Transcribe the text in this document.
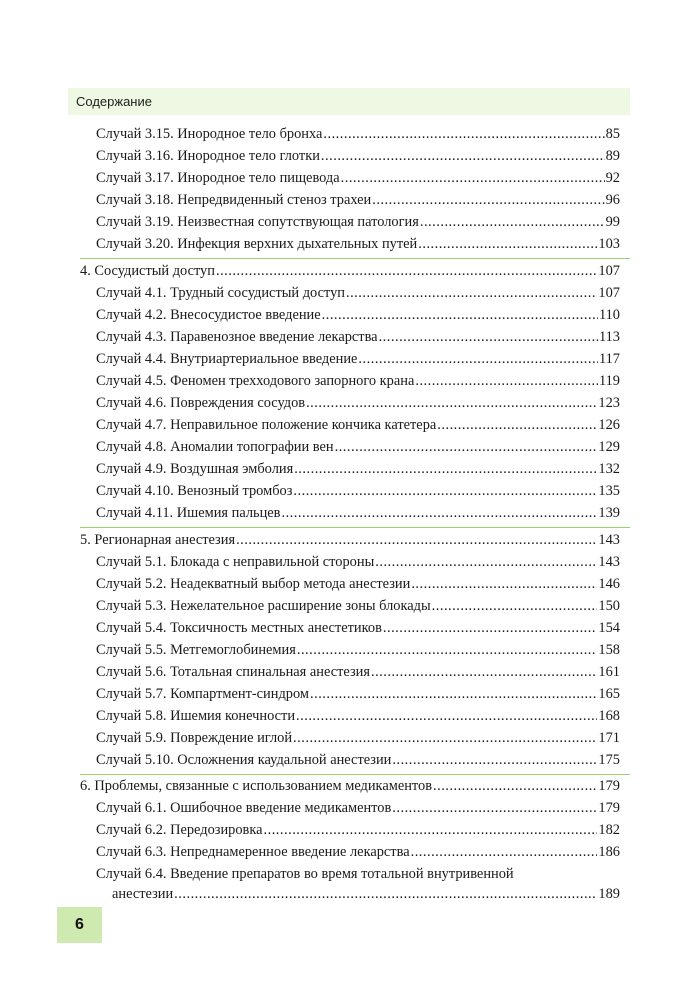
Содержание
Случай 3.15. Инородное тело бронха .....	85
Случай 3.16. Инородное тело глотки .....	89
Случай 3.17. Инородное тело пищевода .....	92
Случай 3.18. Непредвиденный стеноз трахеи .....	96
Случай 3.19. Неизвестная сопутствующая патология .....	99
Случай 3.20. Инфекция верхних дыхательных путей .....	103
4. Сосудистый доступ .....	107
Случай 4.1. Трудный сосудистый доступ .....	107
Случай 4.2. Внесосудистое введение .....	110
Случай 4.3. Паравенозное введение лекарства .....	113
Случай 4.4. Внутриартериальное введение .....	117
Случай 4.5. Феномен трехходового запорного крана .....	119
Случай 4.6. Повреждения сосудов .....	123
Случай 4.7. Неправильное положение кончика катетера .....	126
Случай 4.8. Аномалии топографии вен .....	129
Случай 4.9. Воздушная эмболия .....	132
Случай 4.10. Венозный тромбоз .....	135
Случай 4.11. Ишемия пальцев .....	139
5. Регионарная анестезия .....	143
Случай 5.1. Блокада с неправильной стороны .....	143
Случай 5.2. Неадекватный выбор метода анестезии .....	146
Случай 5.3. Нежелательное расширение зоны блокады .....	150
Случай 5.4. Токсичность местных анестетиков .....	154
Случай 5.5. Метгемоглобинемия .....	158
Случай 5.6. Тотальная спинальная анестезия .....	161
Случай 5.7. Компартмент-синдром .....	165
Случай 5.8. Ишемия конечности .....	168
Случай 5.9. Повреждение иглой .....	171
Случай 5.10. Осложнения каудальной анестезии .....	175
6. Проблемы, связанные с использованием медикаментов .....	179
Случай 6.1. Ошибочное введение медикаментов .....	179
Случай 6.2. Передозировка .....	182
Случай 6.3. Непреднамеренное введение лекарства .....	186
Случай 6.4. Введение препаратов во время тотальной внутривенной
анестезии .....	189
6
